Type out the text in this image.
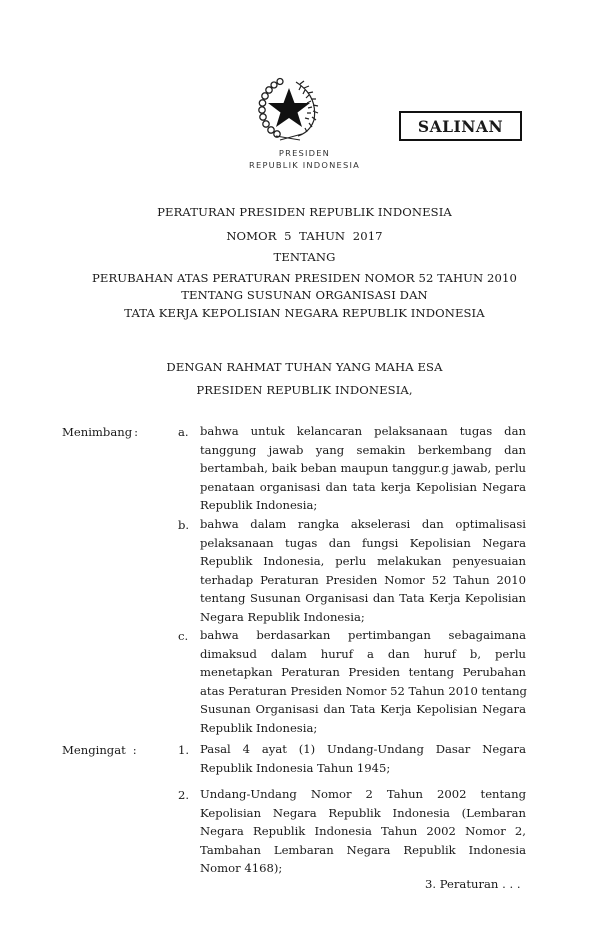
SALINAN
PRESIDEN
REPUBLIK INDONESIA
PERATURAN PRESIDEN REPUBLIK INDONESIA
NOMOR  5  TAHUN  2017
TENTANG
PERUBAHAN ATAS PERATURAN PRESIDEN NOMOR 52 TAHUN 2010
TENTANG SUSUNAN ORGANISASI DAN
TATA KERJA KEPOLISIAN NEGARA REPUBLIK INDONESIA
DENGAN RAHMAT TUHAN YANG MAHA ESA
PRESIDEN REPUBLIK INDONESIA,
Menimbang :	a. bahwa untuk kelancaran pelaksanaan tugas dan
tanggung jawab yang semakin berkembang dan
bertambah, baik beban maupun tanggur.g jawab, perlu
penataan organisasi dan tata kerja Kepolisian Negara
Republik Indonesia;
b. bahwa dalam rangka akselerasi dan optimalisasi
pelaksanaan tugas dan fungsi Kepolisian Negara
Republik Indonesia, perlu melakukan penyesuaian
terhadap Peraturan Presiden Nomor 52 Tahun 2010
tentang Susunan Organisasi dan Tata Kerja Kepolisian
Negara Republik Indonesia;
c. bahwa berdasarkan pertimbangan sebagaimana
dimaksud dalam huruf a dan huruf b, perlu
menetapkan Peraturan Presiden tentang Perubahan
atas Peraturan Presiden Nomor 52 Tahun 2010 tentang
Susunan Organisasi dan Tata Kerja Kepolisian Negara
Republik Indonesia;
Mengingat :	1. Pasal 4 ayat (1) Undang-Undang Dasar Negara
Republik Indonesia Tahun 1945;
2. Undang-Undang Nomor 2 Tahun 2002 tentang
Kepolisian Negara Republik Indonesia (Lembaran
Negara Republik Indonesia Tahun 2002 Nomor 2,
Tambahan Lembaran Negara Republik Indonesia
Nomor 4168);
3. Peraturan . . .
